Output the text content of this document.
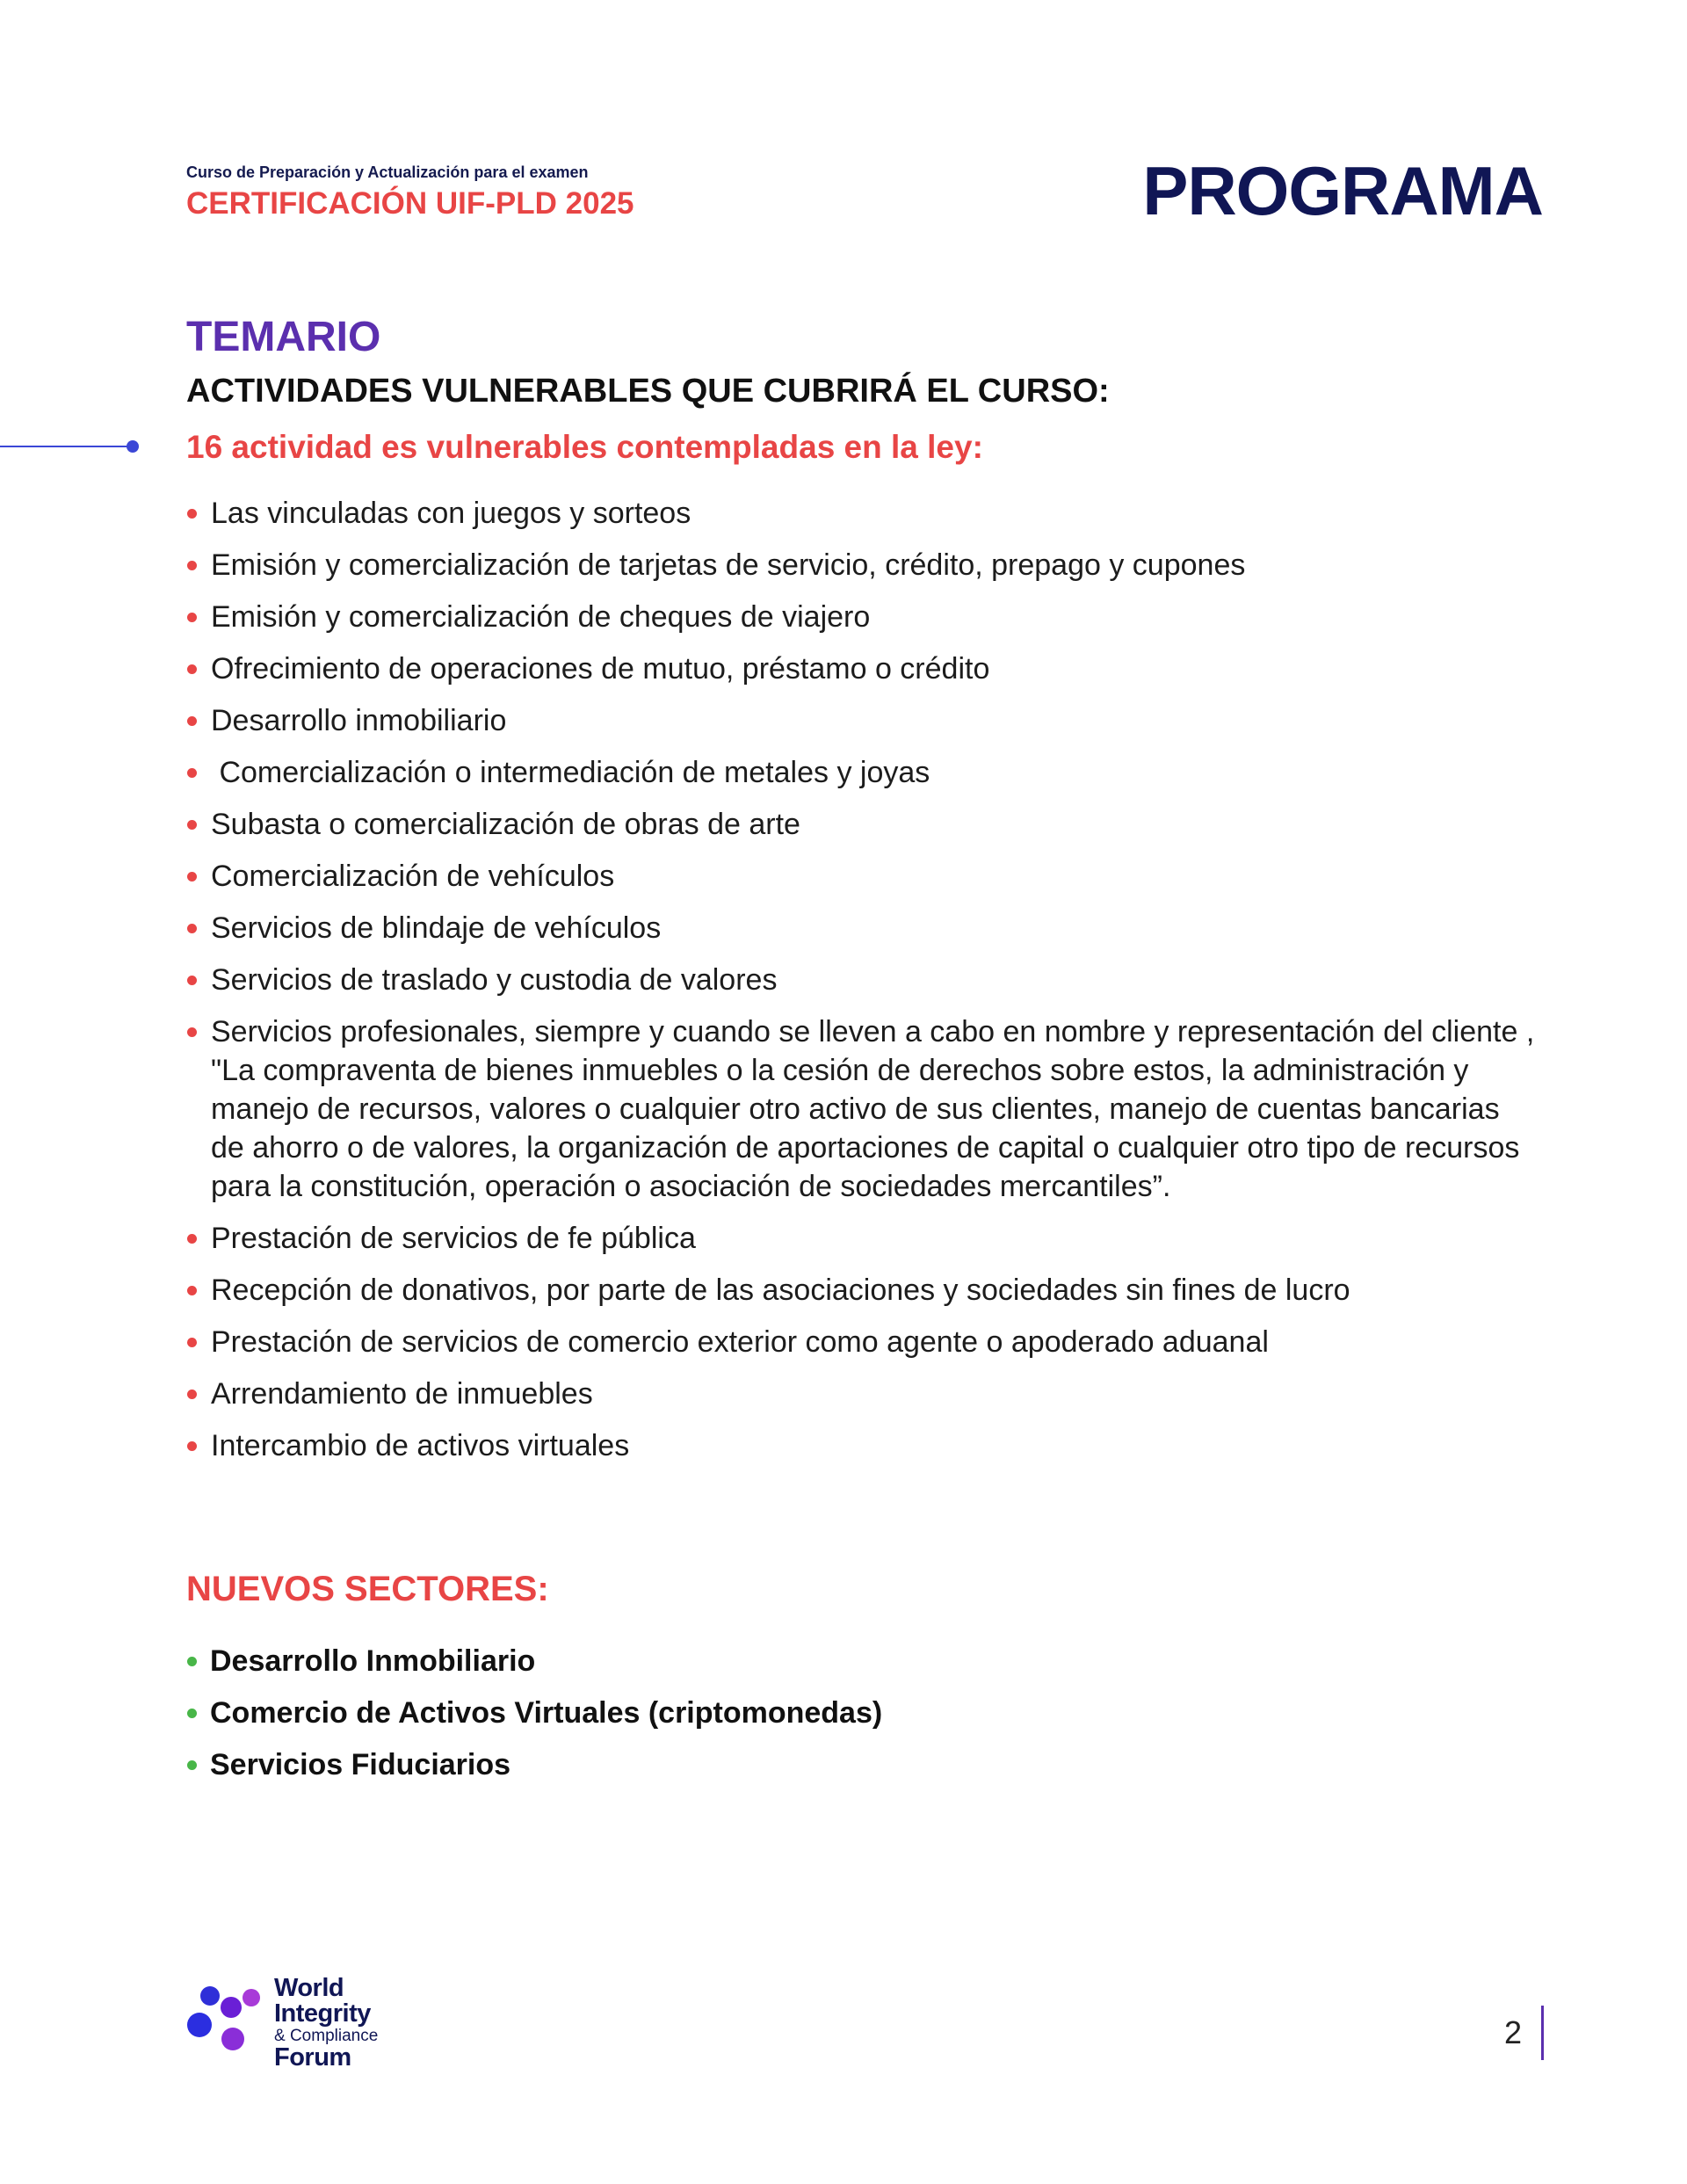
Curso de Preparación y Actualización para el examen
CERTIFICACIÓN UIF-PLD 2025	PROGRAMA
TEMARIO
ACTIVIDADES VULNERABLES QUE CUBRIRÁ EL CURSO:
16 actividad es vulnerables contempladas en la ley:
Las vinculadas con juegos y sorteos
Emisión y comercialización de tarjetas de servicio, crédito, prepago y cupones
Emisión y comercialización de cheques de viajero
Ofrecimiento de operaciones de mutuo, préstamo o crédito
Desarrollo inmobiliario
Comercialización o intermediación de metales y joyas
Subasta o comercialización de obras de arte
Comercialización de vehículos
Servicios de blindaje de vehículos
Servicios de traslado y custodia de valores
Servicios profesionales, siempre y cuando se lleven a cabo en nombre y representación del cliente , "La compraventa de bienes inmuebles o la cesión de derechos sobre estos, la administración y manejo de recursos, valores o cualquier otro activo de sus clientes, manejo de cuentas bancarias de ahorro o de valores, la organización de aportaciones de capital o cualquier otro tipo de recursos para la constitución, operación o asociación de sociedades mercantiles”.
Prestación de servicios de fe pública
Recepción de donativos, por parte de las asociaciones y sociedades sin fines de lucro
Prestación de servicios de comercio exterior como agente o apoderado aduanal
Arrendamiento de inmuebles
Intercambio de activos virtuales
NUEVOS SECTORES:
Desarrollo Inmobiliario
Comercio de Activos Virtuales (criptomonedas)
Servicios Fiduciarios
World
Integrity
& Compliance
Forum
2
